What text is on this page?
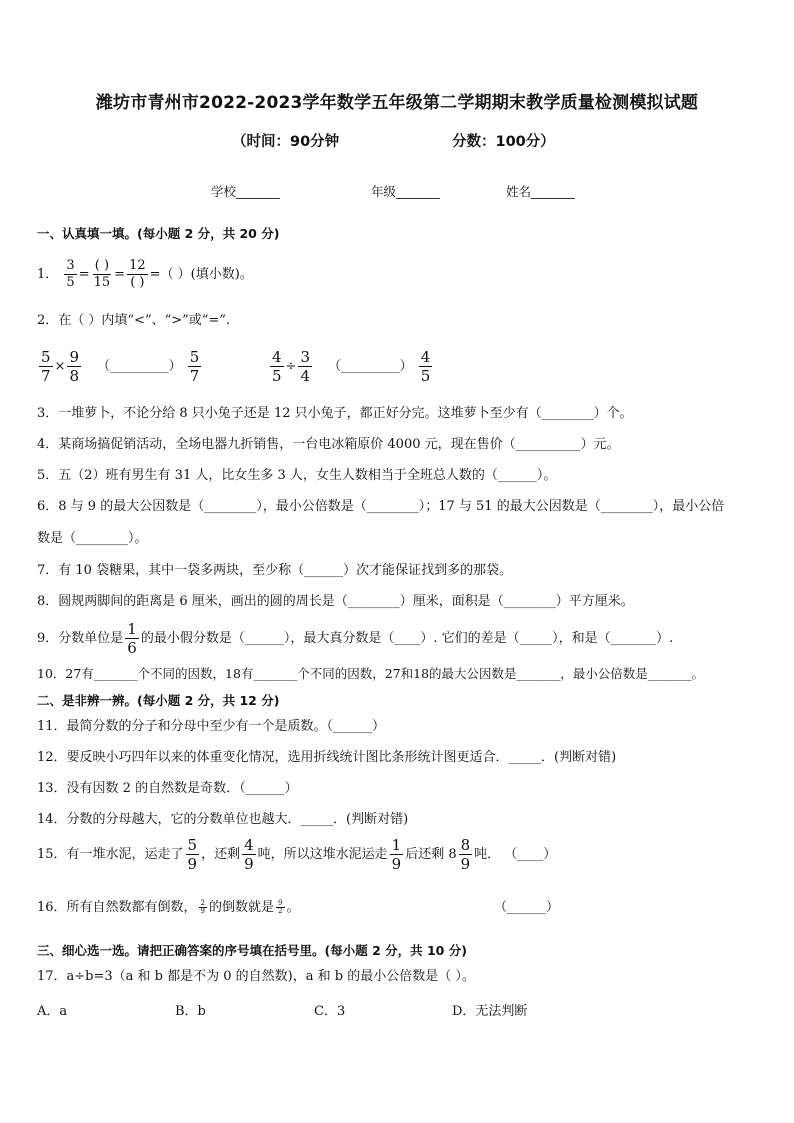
潍坊市青州市2022-2023学年数学五年级第二学期期末教学质量检测模拟试题
（时间：90分钟	分数：100分）
学校_______	年级_______	姓名_______
一、认真填一填。(每小题 2 分，共 20 分)
1． $\frac{3}{5} = \frac{( )}{15} = \frac{12}{( )}$ =（ ）(填小数)。
2．在（ ）内填“<”、“>”或“=”.
$\frac{5}{7} \times \frac{9}{8}$ （_________） $\frac{5}{7}$	$\frac{4}{5} \div \frac{3}{4}$ （_________） $\frac{4}{5}$
3．一堆萝卜，不论分给 8 只小兔子还是 12 只小兔子，都正好分完。这堆萝卜至少有（________）个。
4．某商场搞促销活动，全场电器九折销售，一台电冰箱原价 4000 元，现在售价（__________）元。
5．五（2）班有男生有 31 人，比女生多 3 人，女生人数相当于全班总人数的（______）。
6．8 与 9 的最大公因数是（________），最小公倍数是（________）；17 与 51 的最大公因数是（________），最小公倍
数是（________）。
7．有 10 袋糖果，其中一袋多两块，至少称（______）次才能保证找到多的那袋。
8．圆规两脚间的距离是 6 厘米，画出的圆的周长是（________）厘米，面积是（________）平方厘米。
9．分数单位是 $\frac{1}{6}$ 的最小假分数是（______），最大真分数是（____）. 它们的差是（_____），和是（_______）.
10．27有_______个不同的因数，18有_______个不同的因数，27和18的最大公因数是_______，最小公倍数是_______。
二、是非辨一辨。(每小题 2 分，共 12 分)
11．最简分数的分子和分母中至少有一个是质数。（______）
12．要反映小巧四年以来的体重变化情况，选用折线统计图比条形统计图更适合．_____．(判断对错)
13．没有因数 2 的自然数是奇数．（______）
14．分数的分母越大，它的分数单位也越大．_____．(判断对错)
15．有一堆水泥，运走了 $\frac{5}{9}$ ，还剩 $\frac{4}{9}$ 吨，所以这堆水泥运走 $\frac{1}{9}$ 后还剩 $8 \frac{8}{9}$ 吨． （____）
16．所有自然数都有倒数， $\frac{2}{9}$ 的倒数就是 $\frac{9}{2}$ 。	（______）
三、细心选一选。请把正确答案的序号填在括号里。(每小题 2 分，共 10 分)
17．a÷b=3（a 和 b 都是不为 0 的自然数)，a 和 b 的最小公倍数是（ ）。
A．a	B．b	C．3	D．无法判断
